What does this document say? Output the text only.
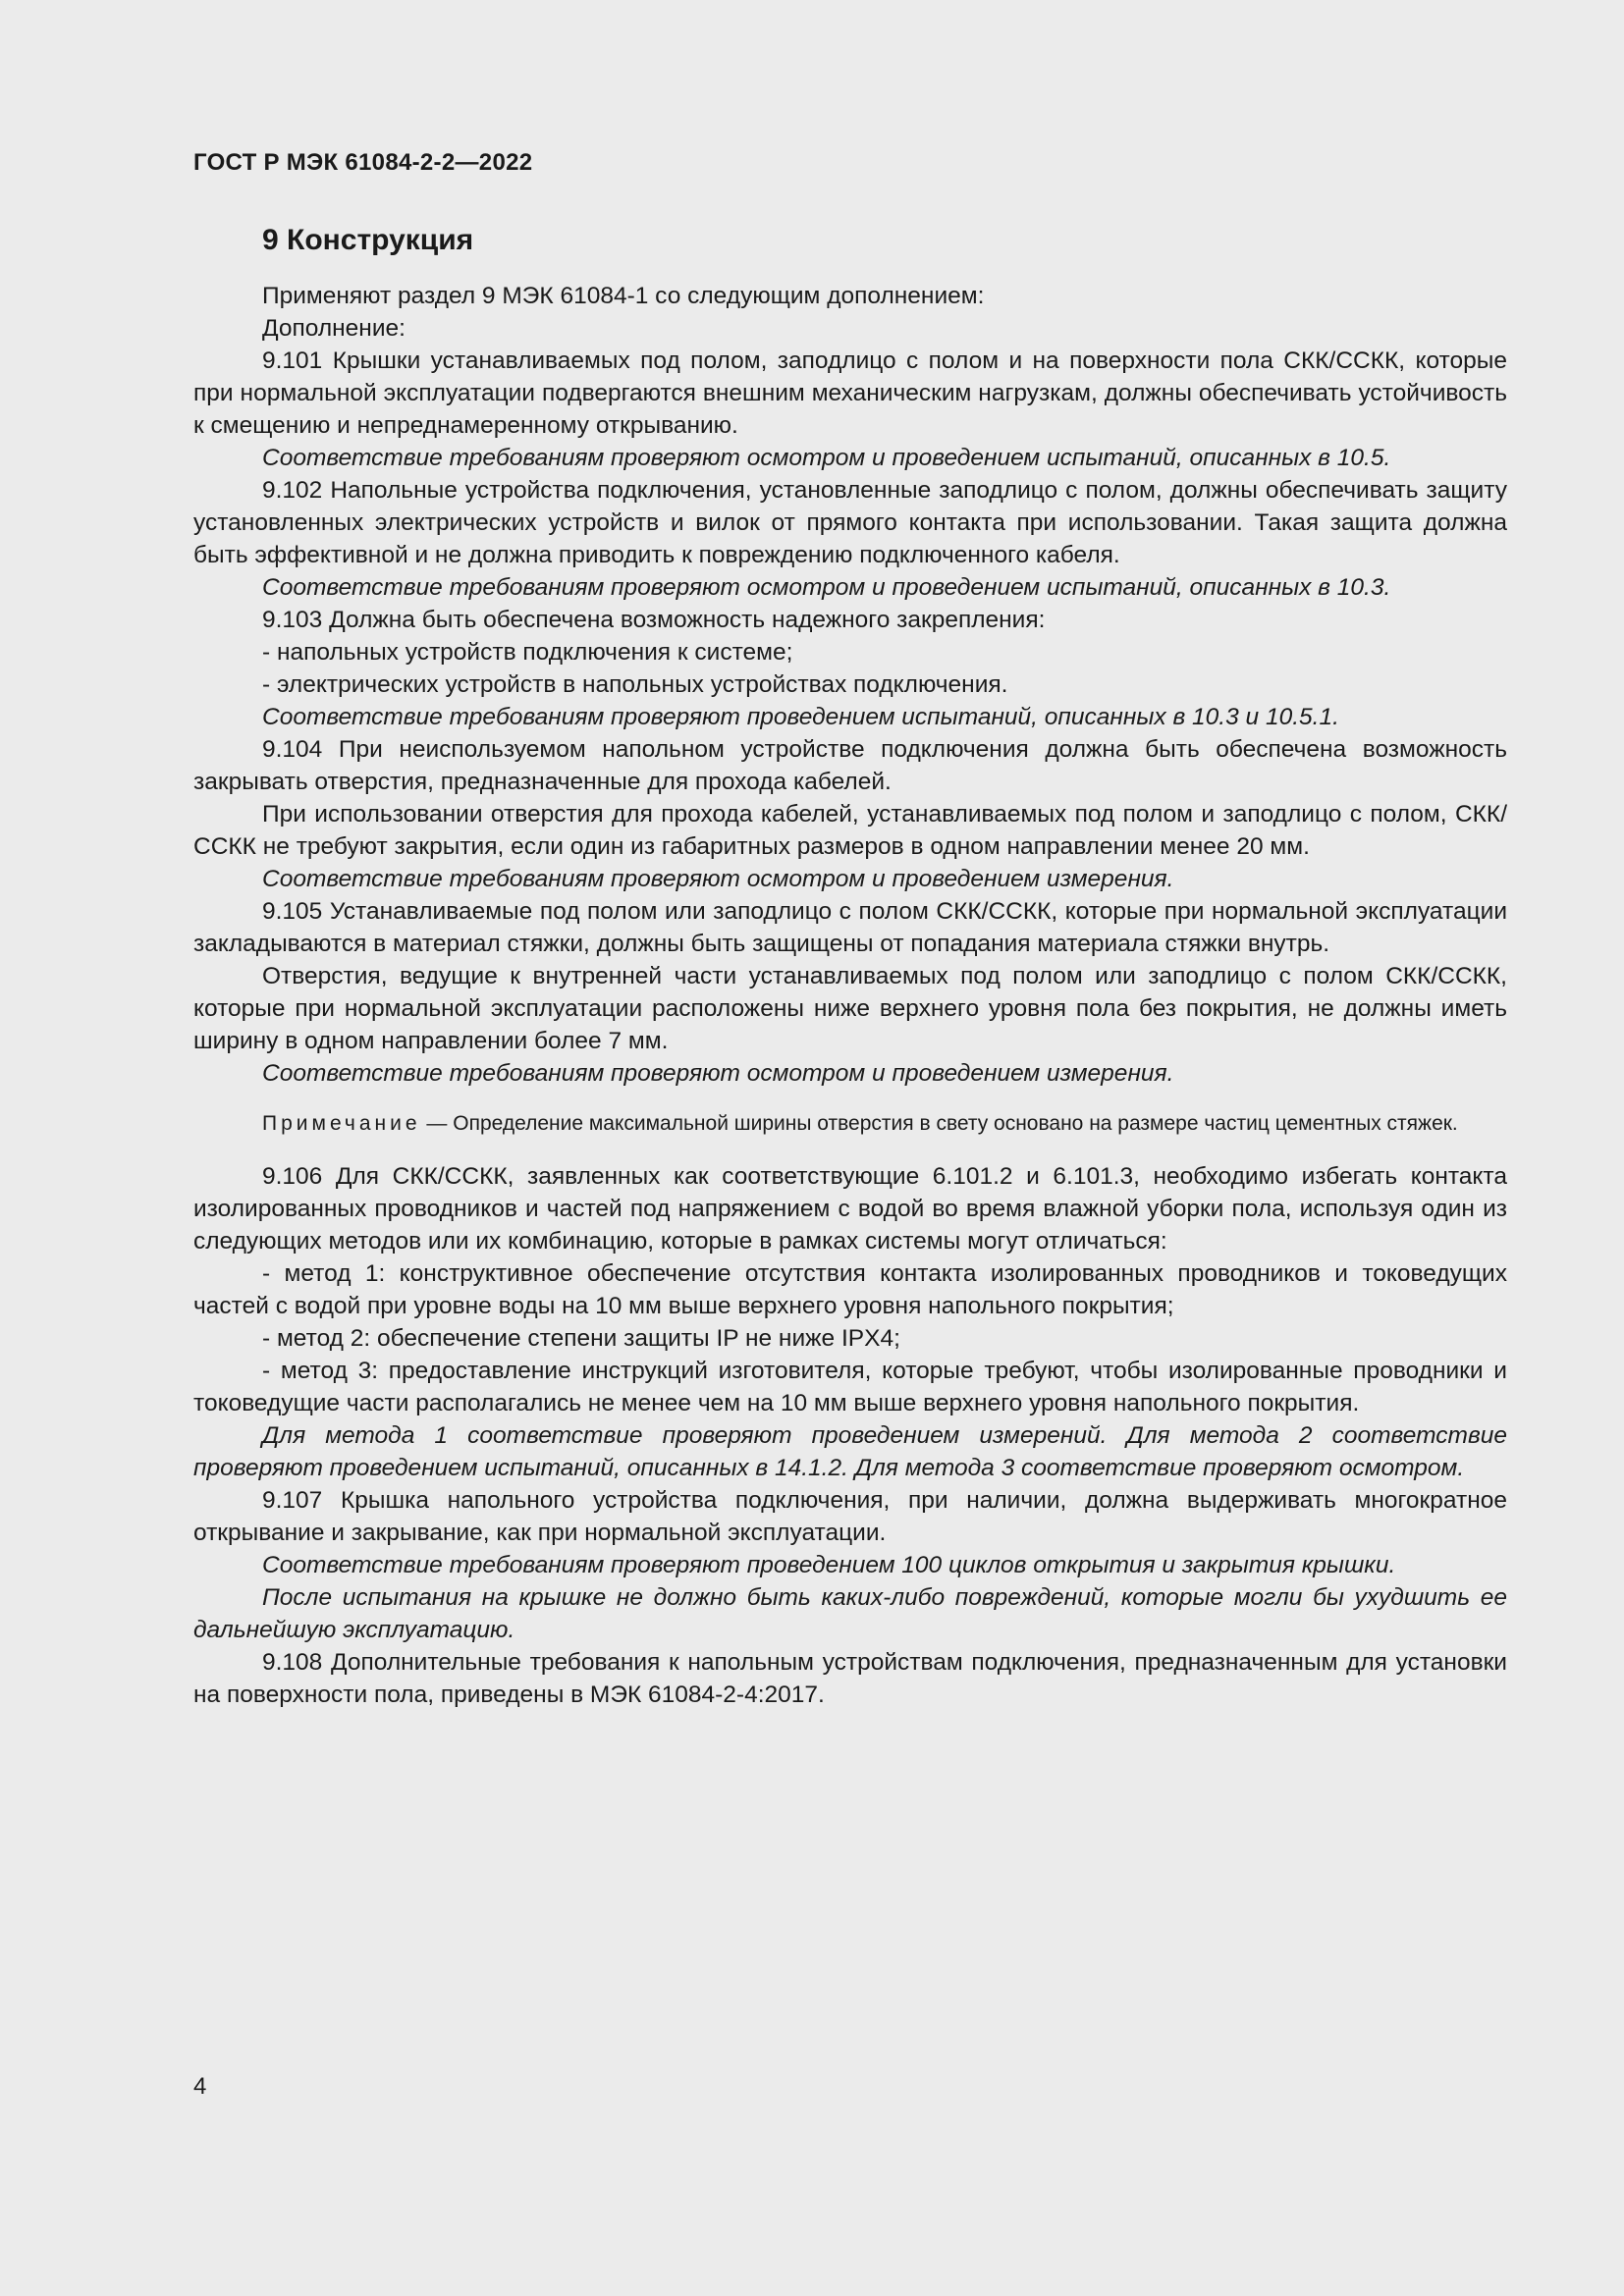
ГОСТ Р МЭК 61084-2-2—2022
9 Конструкция

Применяют раздел 9 МЭК 61084-1 со следующим дополнением:

Дополнение:

9.101 Крышки устанавливаемых под полом, заподлицо с полом и на поверхности пола СКК/ССКК, которые при нормальной эксплуатации подвергаются внешним механическим нагрузкам, должны обеспечивать устойчивость к смещению и непреднамеренному открыванию.

Соответствие требованиям проверяют осмотром и проведением испытаний, описанных в 10.5.

9.102 Напольные устройства подключения, установленные заподлицо с полом, должны обеспечивать защиту установленных электрических устройств и вилок от прямого контакта при использовании. Такая защита должна быть эффективной и не должна приводить к повреждению подключенного кабеля.

Соответствие требованиям проверяют осмотром и проведением испытаний, описанных в 10.3.

9.103 Должна быть обеспечена возможность надежного закрепления:

- напольных устройств подключения к системе;

- электрических устройств в напольных устройствах подключения.

Соответствие требованиям проверяют проведением испытаний, описанных в 10.3 и 10.5.1.

9.104 При неиспользуемом напольном устройстве подключения должна быть обеспечена возможность закрывать отверстия, предназначенные для прохода кабелей.

При использовании отверстия для прохода кабелей, устанавливаемых под полом и заподлицо с полом, СКК/ССКК не требуют закрытия, если один из габаритных размеров в одном направлении менее 20 мм.

Соответствие требованиям проверяют осмотром и проведением измерения.

9.105 Устанавливаемые под полом или заподлицо с полом СКК/ССКК, которые при нормальной эксплуатации закладываются в материал стяжки, должны быть защищены от попадания материала стяжки внутрь.

Отверстия, ведущие к внутренней части устанавливаемых под полом или заподлицо с полом СКК/ССКК, которые при нормальной эксплуатации расположены ниже верхнего уровня пола без покрытия, не должны иметь ширину в одном направлении более 7 мм.

Соответствие требованиям проверяют осмотром и проведением измерения.

Примечание — Определение максимальной ширины отверстия в свету основано на размере частиц цементных стяжек.

9.106 Для СКК/ССКК, заявленных как соответствующие 6.101.2 и 6.101.3, необходимо избегать контакта изолированных проводников и частей под напряжением с водой во время влажной уборки пола, используя один из следующих методов или их комбинацию, которые в рамках системы могут отличаться:

- метод 1: конструктивное обеспечение отсутствия контакта изолированных проводников и токоведущих частей с водой при уровне воды на 10 мм выше верхнего уровня напольного покрытия;

- метод 2: обеспечение степени защиты IP не ниже IPX4;

- метод 3: предоставление инструкций изготовителя, которые требуют, чтобы изолированные проводники и токоведущие части располагались не менее чем на 10 мм выше верхнего уровня напольного покрытия.

Для метода 1 соответствие проверяют проведением измерений. Для метода 2 соответствие проверяют проведением испытаний, описанных в 14.1.2. Для метода 3 соответствие проверяют осмотром.

9.107 Крышка напольного устройства подключения, при наличии, должна выдерживать многократное открывание и закрывание, как при нормальной эксплуатации.

Соответствие требованиям проверяют проведением 100 циклов открытия и закрытия крышки.

После испытания на крышке не должно быть каких-либо повреждений, которые могли бы ухудшить ее дальнейшую эксплуатацию.

9.108 Дополнительные требования к напольным устройствам подключения, предназначенным для установки на поверхности пола, приведены в МЭК 61084-2-4:2017.

4
